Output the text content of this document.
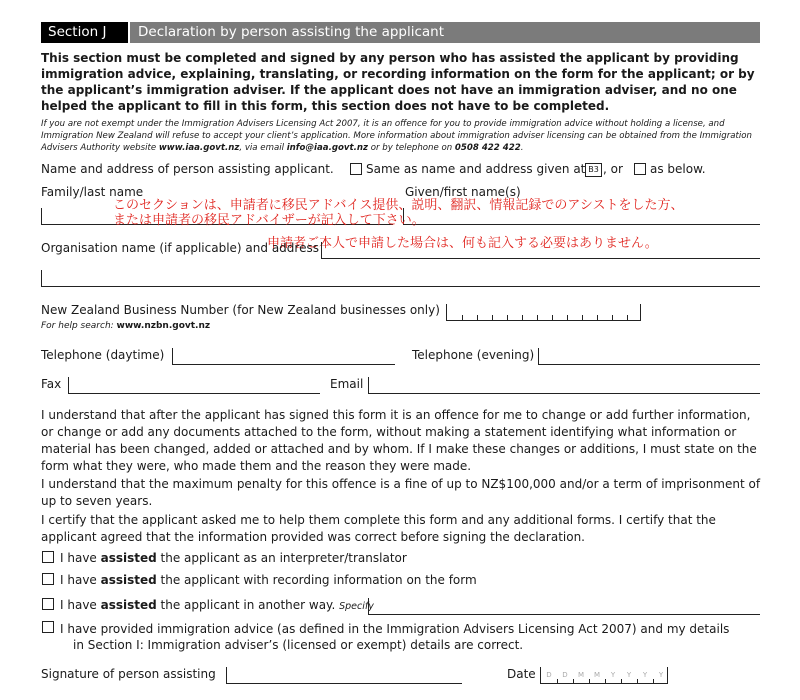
Section J	Declaration by person assisting the applicant
This section must be completed and signed by any person who has assisted the applicant by providing immigration advice, explaining, translating, or recording information on the form for the applicant; or by the applicant’s immigration adviser. If the applicant does not have an immigration adviser, and no one helped the applicant to fill in this form, this section does not have to be completed.
If you are not exempt under the Immigration Advisers Licensing Act 2007, it is an offence for you to provide immigration advice without holding a license, and Immigration New Zealand will refuse to accept your client’s application. More information about immigration adviser licensing can be obtained from the Immigration Advisers Authority website www.iaa.govt.nz, via email info@iaa.govt.nz or by telephone on 0508 422 422.
Name and address of person assisting applicant.	Same as name and address given at B3 , or as below.
Family/last name	Given/first name(s)
このセクションは、申請者に移民アドバイス提供、説明、翻訳、情報記録でのアシストをした方、
または申請者の移民アドバイザーが記入して下さい。
申請者ご本人で申請した場合は、何も記入する必要はありません。
Organisation name (if applicable) and address
New Zealand Business Number (for New Zealand businesses only)
For help search: www.nzbn.govt.nz
Telephone (daytime)	Telephone (evening)
Fax	Email
I understand that after the applicant has signed this form it is an offence for me to change or add further information, or change or add any documents attached to the form, without making a statement identifying what information or material has been changed, added or attached and by whom. If I make these changes or additions, I must state on the form what they were, who made them and the reason they were made.
I understand that the maximum penalty for this offence is a fine of up to NZ$100,000 and/or a term of imprisonment of up to seven years.
I certify that the applicant asked me to help them complete this form and any additional forms. I certify that the applicant agreed that the information provided was correct before signing the declaration.
I have assisted the applicant as an interpreter/translator
I have assisted the applicant with recording information on the form
I have assisted the applicant in another way. Specify
I have provided immigration advice (as defined in the Immigration Advisers Licensing Act 2007) and my details
in Section I: Immigration adviser’s (licensed or exempt) details are correct.
Signature of person assisting	Date	D	D	M	M	Y	Y	Y	Y
